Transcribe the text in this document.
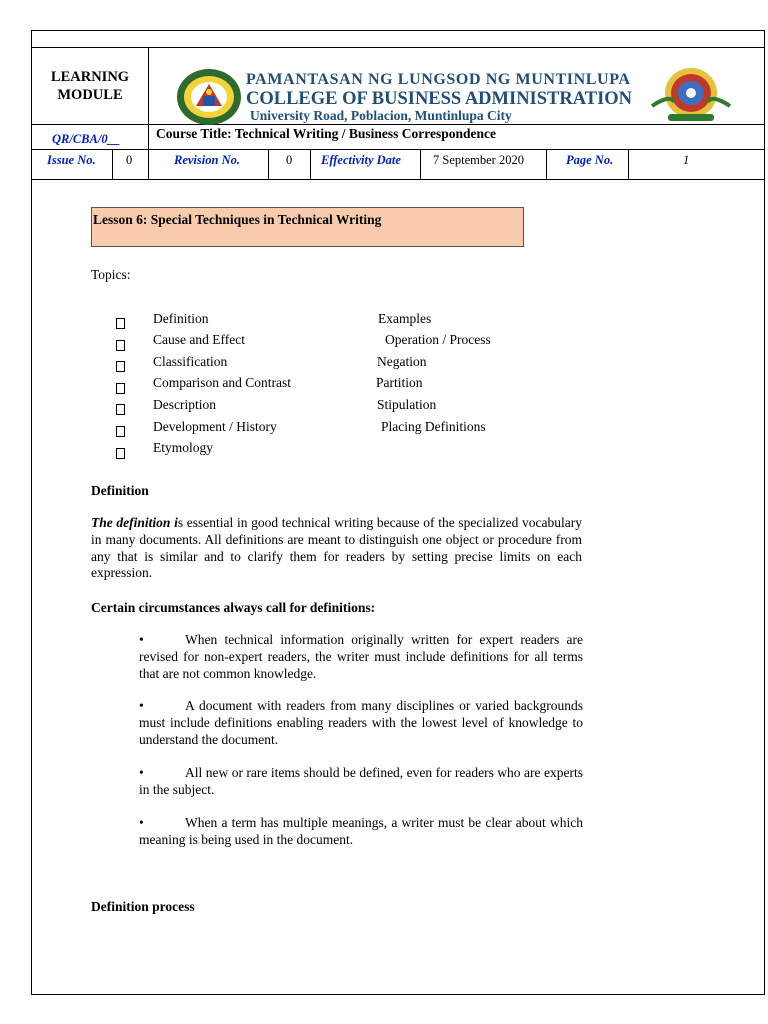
LEARNING MODULE
PAMANTASAN NG LUNGSOD NG MUNTINLUPA
COLLEGE OF BUSINESS ADMINISTRATION
University Road, Poblacion, Muntinlupa City
QR/CBA/0__	Course Title: Technical Writing / Business Correspondence
Issue No. 0	Revision No.	0 Effectivity Date	7 September 2020	Page No.	1
Lesson 6: Special Techniques in Technical Writing
Topics:
Definition	Examples
Cause and Effect	Operation / Process
Classification	Negation
Comparison and Contrast	Partition
Description	Stipulation
Development / History	Placing Definitions
Etymology
Definition
The definition is essential in good technical writing because of the specialized vocabulary in many documents. All definitions are meant to distinguish one object or procedure from any that is similar and to clarify them for readers by setting precise limits on each expression.
Certain circumstances always call for definitions:
•	When technical information originally written for expert readers are revised for non-expert readers, the writer must include definitions for all terms that are not common knowledge.
•	A document with readers from many disciplines or varied backgrounds must include definitions enabling readers with the lowest level of knowledge to understand the document.
•	All new or rare items should be defined, even for readers who are experts in the subject.
•	When a term has multiple meanings, a writer must be clear about which meaning is being used in the document.
Definition process
